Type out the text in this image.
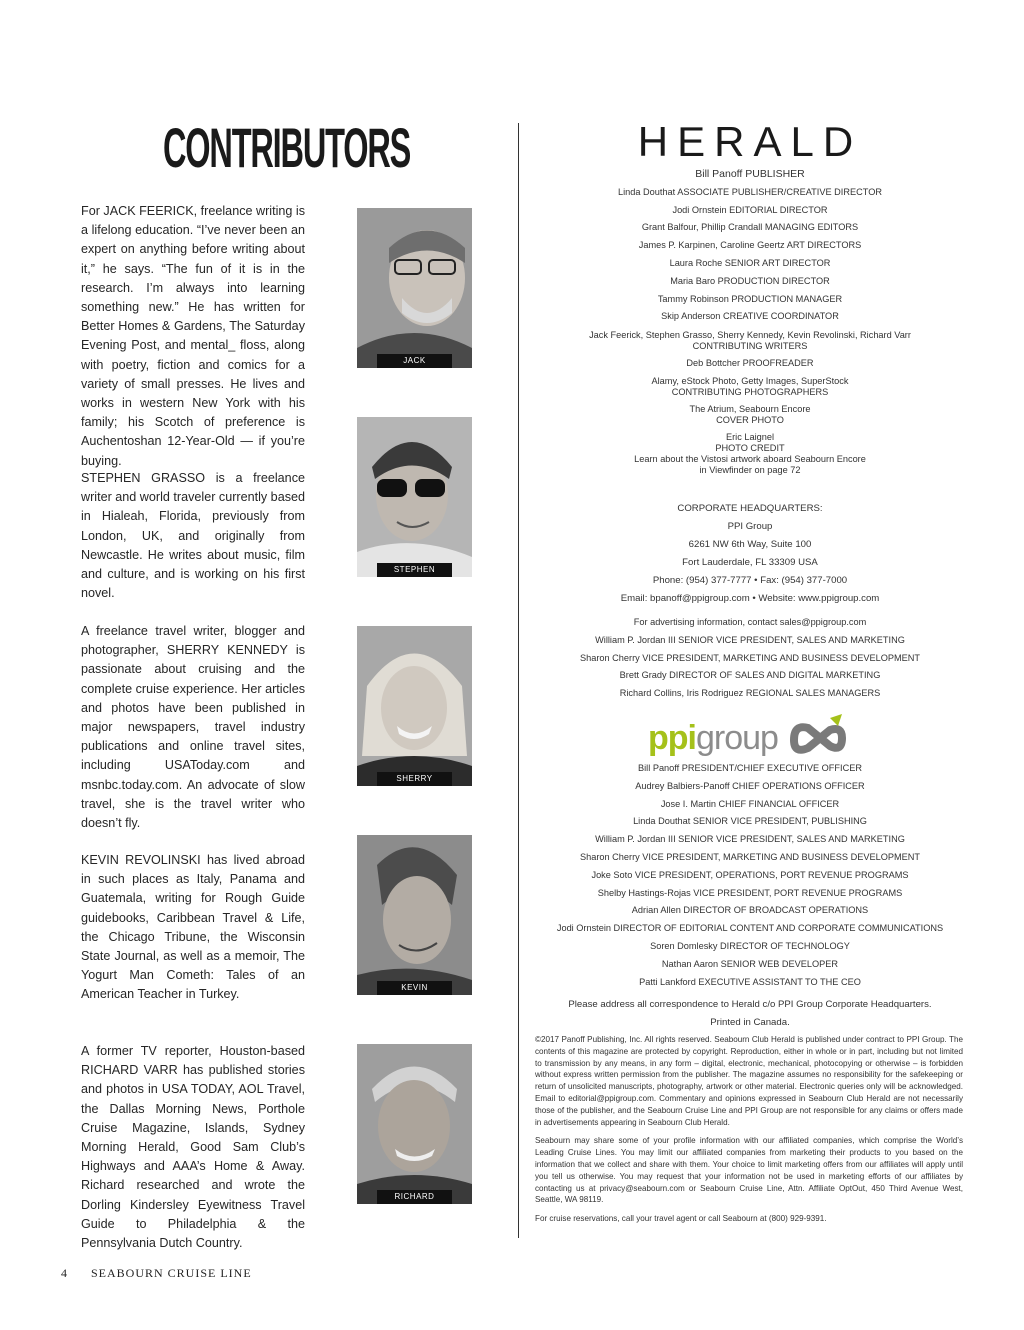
CONTRIBUTORS

For JACK FEERICK, freelance writing is a lifelong education. “I’ve never been an expert on anything before writing about it,” he says. “The fun of it is in the research. I’m always into learning something new.” He has written for Better Homes & Gardens, The Saturday Evening Post, and mental_ floss, along with poetry, fiction and comics for a variety of small presses. He lives and works in western New York with his family; his Scotch of preference is Auchentoshan 12-Year-Old — if you’re buying.

JACK

STEPHEN GRASSO is a freelance writer and world traveler currently based in Hialeah, Florida, previously from London, UK, and originally from Newcastle. He writes about music, film and culture, and is working on his first novel.

STEPHEN

A freelance travel writer, blogger and photographer, SHERRY KENNEDY is passionate about cruising and the complete cruise experience. Her articles and photos have been published in major newspapers, travel industry publications and online travel sites, including USAToday.com and msnbc.today.com. An advocate of slow travel, she is the travel writer who doesn’t fly.

SHERRY

KEVIN REVOLINSKI has lived abroad in such places as Italy, Panama and Guatemala, writing for Rough Guide guidebooks, Caribbean Travel & Life, the Chicago Tribune, the Wisconsin State Journal, as well as a memoir, The Yogurt Man Cometh: Tales of an American Teacher in Turkey.	KEVIN

A former TV reporter, Houston-based RICHARD VARR has published stories and photos in USA TODAY, AOL Travel, the Dallas Morning News, Porthole Cruise Magazine, Islands, Sydney Morning Herald, Good Sam Club’s Highways and AAA’s Home & Away. Richard researched and wrote the Dorling Kindersley Eyewitness Travel Guide to Philadelphia & the Pennsylvania Dutch Country.

RICHARD
4 SEABOURN CRUISE LINE
HERALD
Bill Panoff PUBLISHER
Linda Douthat ASSOCIATE PUBLISHER/CREATIVE DIRECTOR
Jodi Ornstein EDITORIAL DIRECTOR
Grant Balfour, Phillip Crandall MANAGING EDITORS
James P. Karpinen, Caroline Geertz ART DIRECTORS
Laura Roche SENIOR ART DIRECTOR
Maria Baro PRODUCTION DIRECTOR
Tammy Robinson PRODUCTION MANAGER
Skip Anderson CREATIVE COORDINATOR
Jack Feerick, Stephen Grasso, Sherry Kennedy, Kevin Revolinski, Richard Varr
CONTRIBUTING WRITERS
Deb Bottcher PROOFREADER
Alamy, eStock Photo, Getty Images, SuperStock
CONTRIBUTING PHOTOGRAPHERS
The Atrium, Seabourn Encore
COVER PHOTO
Eric Laignel
PHOTO CREDIT
Learn about the Vistosi artwork aboard Seabourn Encore
in Viewfinder on page 72
CORPORATE HEADQUARTERS:
PPI Group
6261 NW 6th Way, Suite 100
Fort Lauderdale, FL 33309 USA
Phone: (954) 377-7777 • Fax: (954) 377-7000
Email: bpanoff@ppigroup.com • Website: www.ppigroup.com
For advertising information, contact sales@ppigroup.com
William P. Jordan III SENIOR VICE PRESIDENT, SALES AND MARKETING
Sharon Cherry VICE PRESIDENT, MARKETING AND BUSINESS DEVELOPMENT
Brett Grady DIRECTOR OF SALES AND DIGITAL MARKETING
Richard Collins, Iris Rodriguez REGIONAL SALES MANAGERS
ppigroup
Bill Panoff PRESIDENT/CHIEF EXECUTIVE OFFICER
Audrey Balbiers-Panoff CHIEF OPERATIONS OFFICER
Jose I. Martin CHIEF FINANCIAL OFFICER
Linda Douthat SENIOR VICE PRESIDENT, PUBLISHING
William P. Jordan III SENIOR VICE PRESIDENT, SALES AND MARKETING
Sharon Cherry VICE PRESIDENT, MARKETING AND BUSINESS DEVELOPMENT
Joke Soto VICE PRESIDENT, OPERATIONS, PORT REVENUE PROGRAMS
Shelby Hastings-Rojas VICE PRESIDENT, PORT REVENUE PROGRAMS
Adrian Allen DIRECTOR OF BROADCAST OPERATIONS
Jodi Ornstein DIRECTOR OF EDITORIAL CONTENT AND CORPORATE COMMUNICATIONS
Soren Domlesky DIRECTOR OF TECHNOLOGY
Nathan Aaron SENIOR WEB DEVELOPER
Patti Lankford EXECUTIVE ASSISTANT TO THE CEO
Please address all correspondence to Herald c/o PPI Group Corporate Headquarters.
Printed in Canada.

©2017 Panoff Publishing, Inc. All rights reserved. Seabourn Club Herald is published under contract to PPI Group. The contents of this magazine are protected by copyright. Reproduction, either in whole or in part, including but not limited to transmission by any means, in any form – digital, electronic, mechanical, photocopying or otherwise – is forbidden without express written permission from the publisher. The magazine assumes no responsibility for the safekeeping or return of unsolicited manuscripts, photography, artwork or other material. Electronic queries only will be acknowledged. Email to editorial@ppigroup.com. Commentary and opinions expressed in Seabourn Club Herald are not necessarily those of the publisher, and the Seabourn Cruise Line and PPI Group are not responsible for any claims or offers made in advertisements appearing in Seabourn Club Herald.

Seabourn may share some of your profile information with our affiliated companies, which comprise the World’s Leading Cruise Lines. You may limit our affiliated companies from marketing their products to you based on the information that we collect and share with them. Your choice to limit marketing offers from our affiliates will apply until you tell us otherwise. You may request that your information not be used in marketing efforts of our affiliates by contacting us at privacy@seabourn.com or Seabourn Cruise Line, Attn. Affiliate OptOut, 450 Third Avenue West, Seattle, WA 98119.

For cruise reservations, call your travel agent or call Seabourn at (800) 929-9391.
